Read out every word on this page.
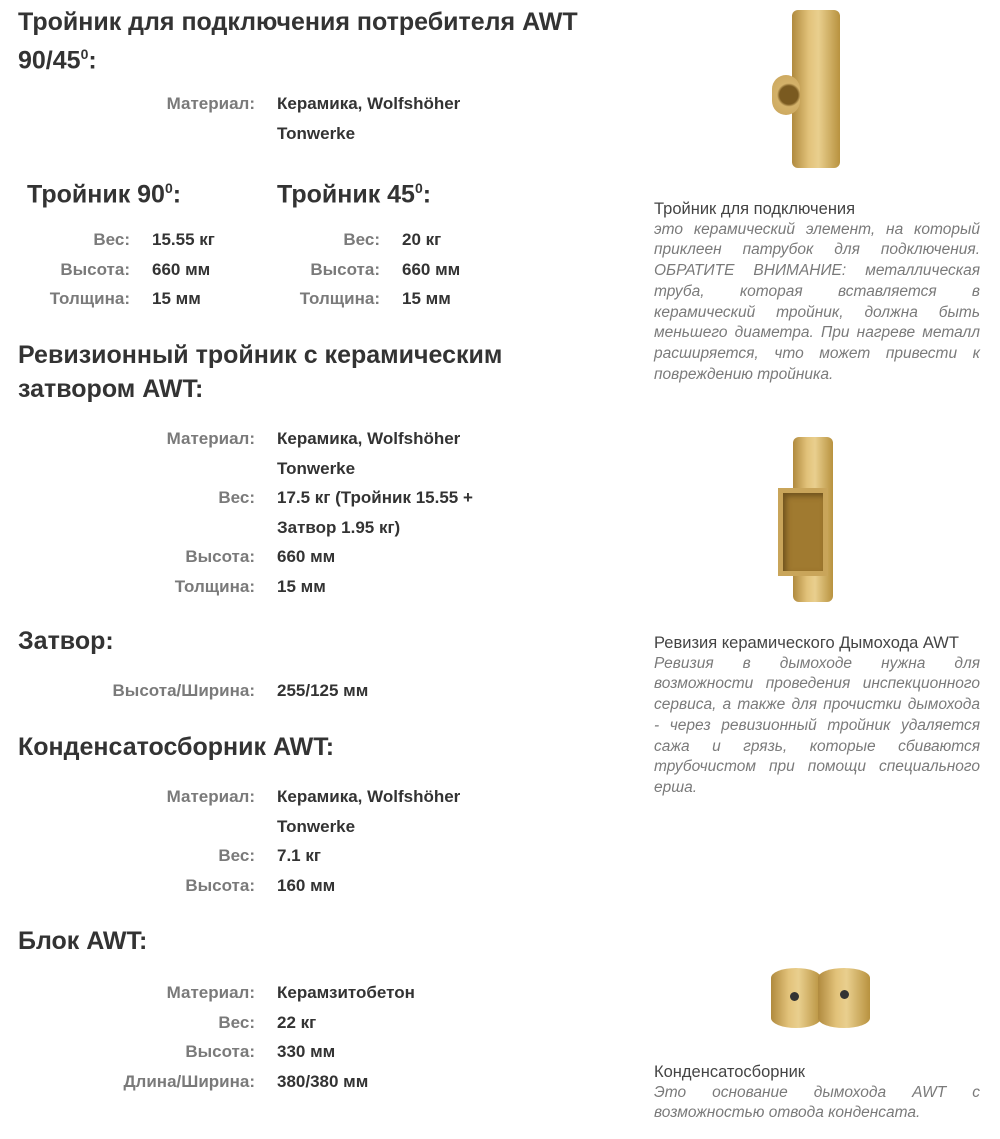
Тройник для подключения потребителя AWT $90/45^0$:
Материал: Керамика, Wolfshöher Tonwerke
Тройник $90^0$:
Вес: 15.55 кг
Высота: 660 мм
Толщина: 15 мм
Тройник $45^0$:
Вес: 20 кг
Высота: 660 мм
Толщина: 15 мм
Ревизионный тройник с керамическим затвором AWT:
Материал: Керамика, Wolfshöher Tonwerke
Вес: 17.5 кг (Тройник 15.55 + Затвор 1.95 кг)
Высота: 660 мм
Толщина: 15 мм
Затвор:
Высота/Ширина: 255/125 мм
Конденсатосборник AWT:
Материал: Керамика, Wolfshöher Tonwerke
Вес: 7.1 кг
Высота: 160 мм
Блок AWT:
Материал: Керамзитобетон
Вес: 22 кг
Высота: 330 мм
Длина/Ширина: 380/380 мм
Тройник для подключения
это керамический элемент, на который приклеен патрубок для подключения. ОБРАТИТЕ ВНИМАНИЕ: металлическая труба, которая вставляется в керамический тройник, должна быть меньшего диаметра. При нагреве металл расширяется, что может привести к повреждению тройника.
Ревизия керамического Дымохода AWT
Ревизия в дымоходе нужна для возможности проведения инспекционного сервиса, а также для прочистки дымохода - через ревизионный тройник удаляется сажа и грязь, которые сбиваются трубочистом при помощи специального ерша.
Конденсатосборник
Это основание дымохода AWT с возможностью отвода конденсата.
